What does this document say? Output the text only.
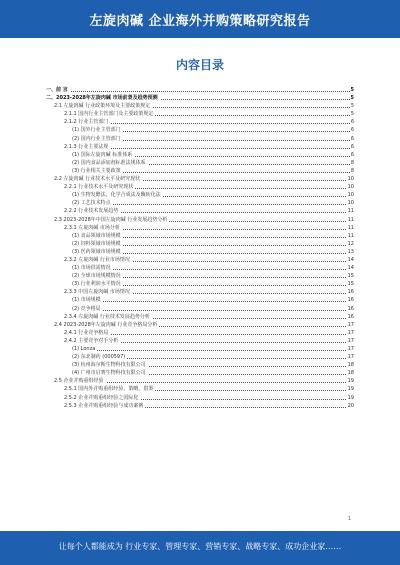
左旋肉碱 企业海外并购策略研究报告
内容目录
一、前 言	5
二、2023-2028年左旋肉碱 市场前景及趋势预测	5
2.1 左旋肉碱 行业政策环境及主要政策规定	5
2.1.1 国内行业主管部门及主要政策规定	5
2.1.2 行业主管部门	6
(1) 国外行业主管部门	6
(2) 国内行业主管部门	6
2.1.3 行业主要法规	6
(1) 国际左旋肉碱 标准体系	6
(2) 国内食品添加剂标准法规体系	8
(3) 行业相关主要政策	8
2.2 左旋肉碱 行业技术水平及研究现状	10
2.2.1 行业技术水平及研究现状	10
(1) 生物发酵法、化学合成法及酶转化法	10
(2) 工艺技术特点	10
2.2.2 行业技术发展趋势	11
2.3 2023-2028年中国左旋肉碱 行业发展趋势分析	11
2.3.1 左旋肉碱 市场分析	11
(1) 食品领域市场规模	11
(2) 饲料领域市场规模	12
(3) 医药领域市场规模	13
2.3.2 左旋肉碱 行业市场情况	14
(1) 市场供需情况	14
(2) 全球市场规模情况	15
(3) 行业利润水平情况	15
2.3.3 中国左旋肉碱 市场情况	16
(1) 市场规模	16
(2) 竞争格局	16
2.3.4 左旋肉碱 行业技术发展趋势分析	16
2.4 2023-2028年左旋肉碱 行业竞争格局分析	17
2.4.1 行业竞争格局	17
2.4.2 主要竞争对手分析	17
(1) Lonza	17
(2) 东北制药 (000597)	17
(3) 杭州海尔斯生物科技有限公司	18
(4) 广州市启赛生物科技有限公司	18
2.5 企业并购重组经验	19
2.5.1 国内外并购重组经验、策略、借鉴	19
2.5.2 企业并购重组经验之国际化	19
2.5.3 企业并购重组经验与成功案例	20
1
让每个人都能成为 行业专家、管理专家、营销专家、战略专家、成功企业家……
